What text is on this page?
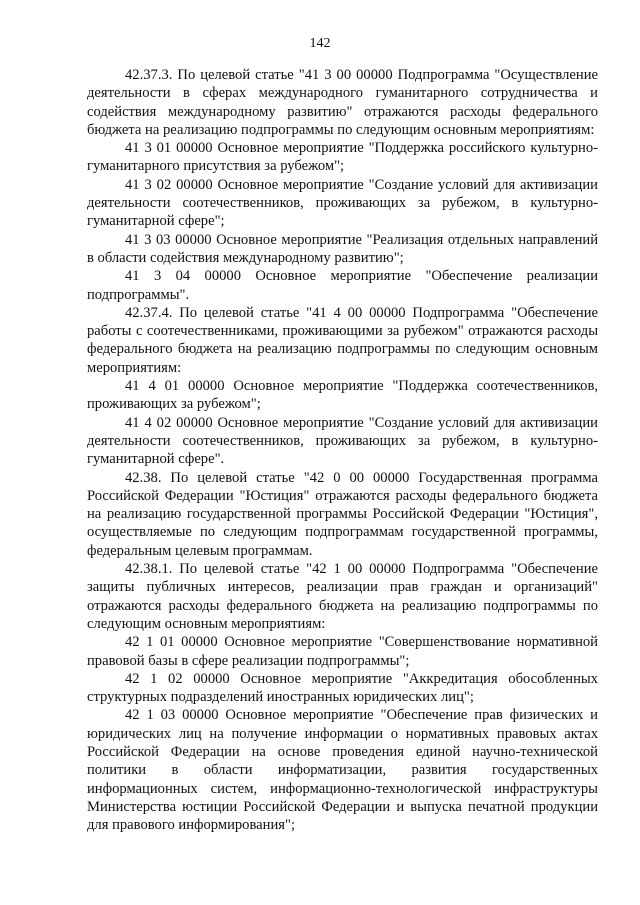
142

42.37.3. По целевой статье "41 3 00 00000 Подпрограмма "Осуществление деятельности в сферах международного гуманитарного сотрудничества и содействия международному развитию" отражаются расходы федерального бюджета на реализацию подпрограммы по следующим основным мероприятиям:

41 3 01 00000 Основное мероприятие "Поддержка российского культурно-гуманитарного присутствия за рубежом";

41 3 02 00000 Основное мероприятие "Создание условий для активизации деятельности соотечественников, проживающих за рубежом, в культурно-гуманитарной сфере";

41 3 03 00000 Основное мероприятие "Реализация отдельных направлений в области содействия международному развитию";

41 3 04 00000 Основное мероприятие "Обеспечение реализации подпрограммы".

42.37.4. По целевой статье "41 4 00 00000 Подпрограмма "Обеспечение работы с соотечественниками, проживающими за рубежом" отражаются расходы федерального бюджета на реализацию подпрограммы по следующим основным мероприятиям:

41 4 01 00000 Основное мероприятие "Поддержка соотечественников, проживающих за рубежом";

41 4 02 00000 Основное мероприятие "Создание условий для активизации деятельности соотечественников, проживающих за рубежом, в культурно-гуманитарной сфере".

42.38. По целевой статье "42 0 00 00000 Государственная программа Российской Федерации "Юстиция" отражаются расходы федерального бюджета на реализацию государственной программы Российской Федерации "Юстиция", осуществляемые по следующим подпрограммам государственной программы, федеральным целевым программам.

42.38.1. По целевой статье "42 1 00 00000 Подпрограмма "Обеспечение защиты публичных интересов, реализации прав граждан и организаций" отражаются расходы федерального бюджета на реализацию подпрограммы по следующим основным мероприятиям:

42 1 01 00000 Основное мероприятие "Совершенствование нормативной правовой базы в сфере реализации подпрограммы";

42 1 02 00000 Основное мероприятие "Аккредитация обособленных структурных подразделений иностранных юридических лиц";

42 1 03 00000 Основное мероприятие "Обеспечение прав физических и юридических лиц на получение информации о нормативных правовых актах Российской Федерации на основе проведения единой научно-технической политики в области информатизации, развития государственных информационных систем, информационно-технологической инфраструктуры Министерства юстиции Российской Федерации и выпуска печатной продукции для правового информирования";
